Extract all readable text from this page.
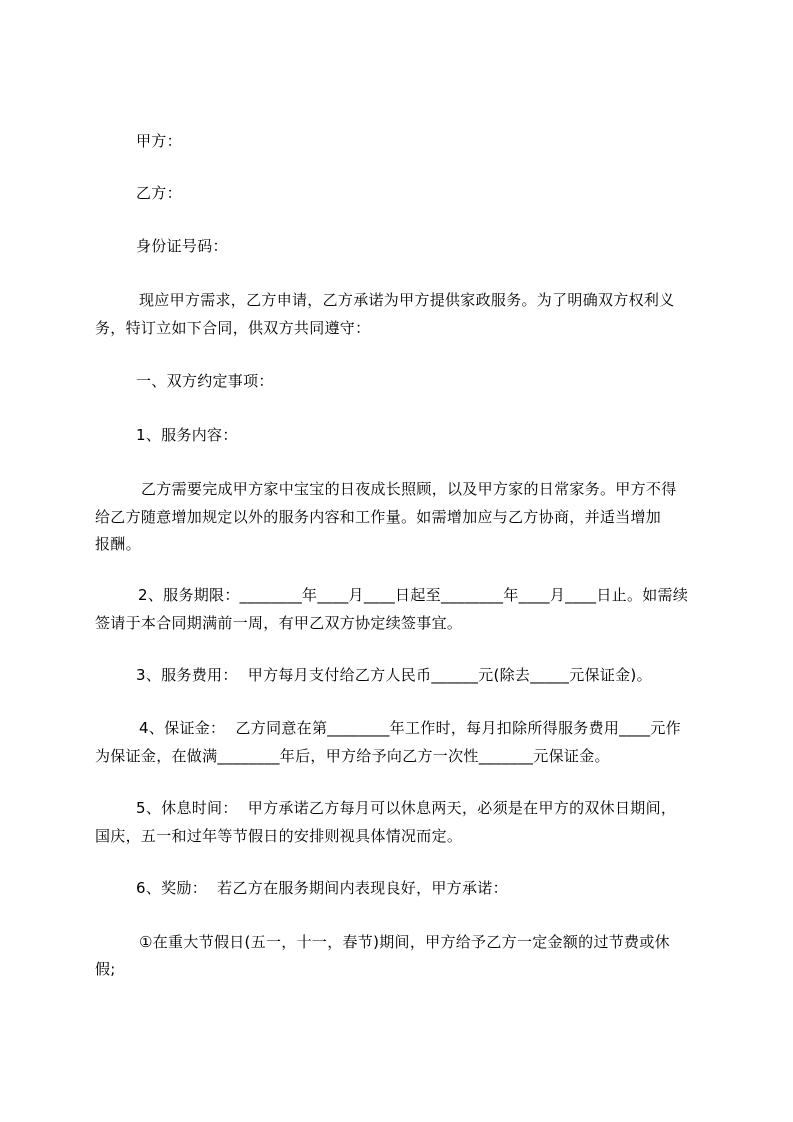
甲方：
乙方：
身份证号码：
现应甲方需求，乙方申请，乙方承诺为甲方提供家政服务。为了明确双方权利义
务，特订立如下合同，供双方共同遵守：
一、双方约定事项：
1、服务内容：
乙方需要完成甲方家中宝宝的日夜成长照顾，以及甲方家的日常家务。甲方不得
给乙方随意增加规定以外的服务内容和工作量。如需增加应与乙方协商，并适当增加
报酬。
2、服务期限：________年____月____日起至________年____月____日止。如需续
签请于本合同期满前一周，有甲乙双方协定续签事宜。
3、服务费用：  甲方每月支付给乙方人民币______元(除去_____元保证金)。
4、保证金：  乙方同意在第________年工作时，每月扣除所得服务费用____元作
为保证金，在做满________年后，甲方给予向乙方一次性_______元保证金。
5、休息时间：  甲方承诺乙方每月可以休息两天，必须是在甲方的双休日期间，
国庆，五一和过年等节假日的安排则视具体情况而定。
6、奖励：  若乙方在服务期间内表现良好，甲方承诺：
①在重大节假日(五一，十一，春节)期间，甲方给予乙方一定金额的过节费或休
假;
